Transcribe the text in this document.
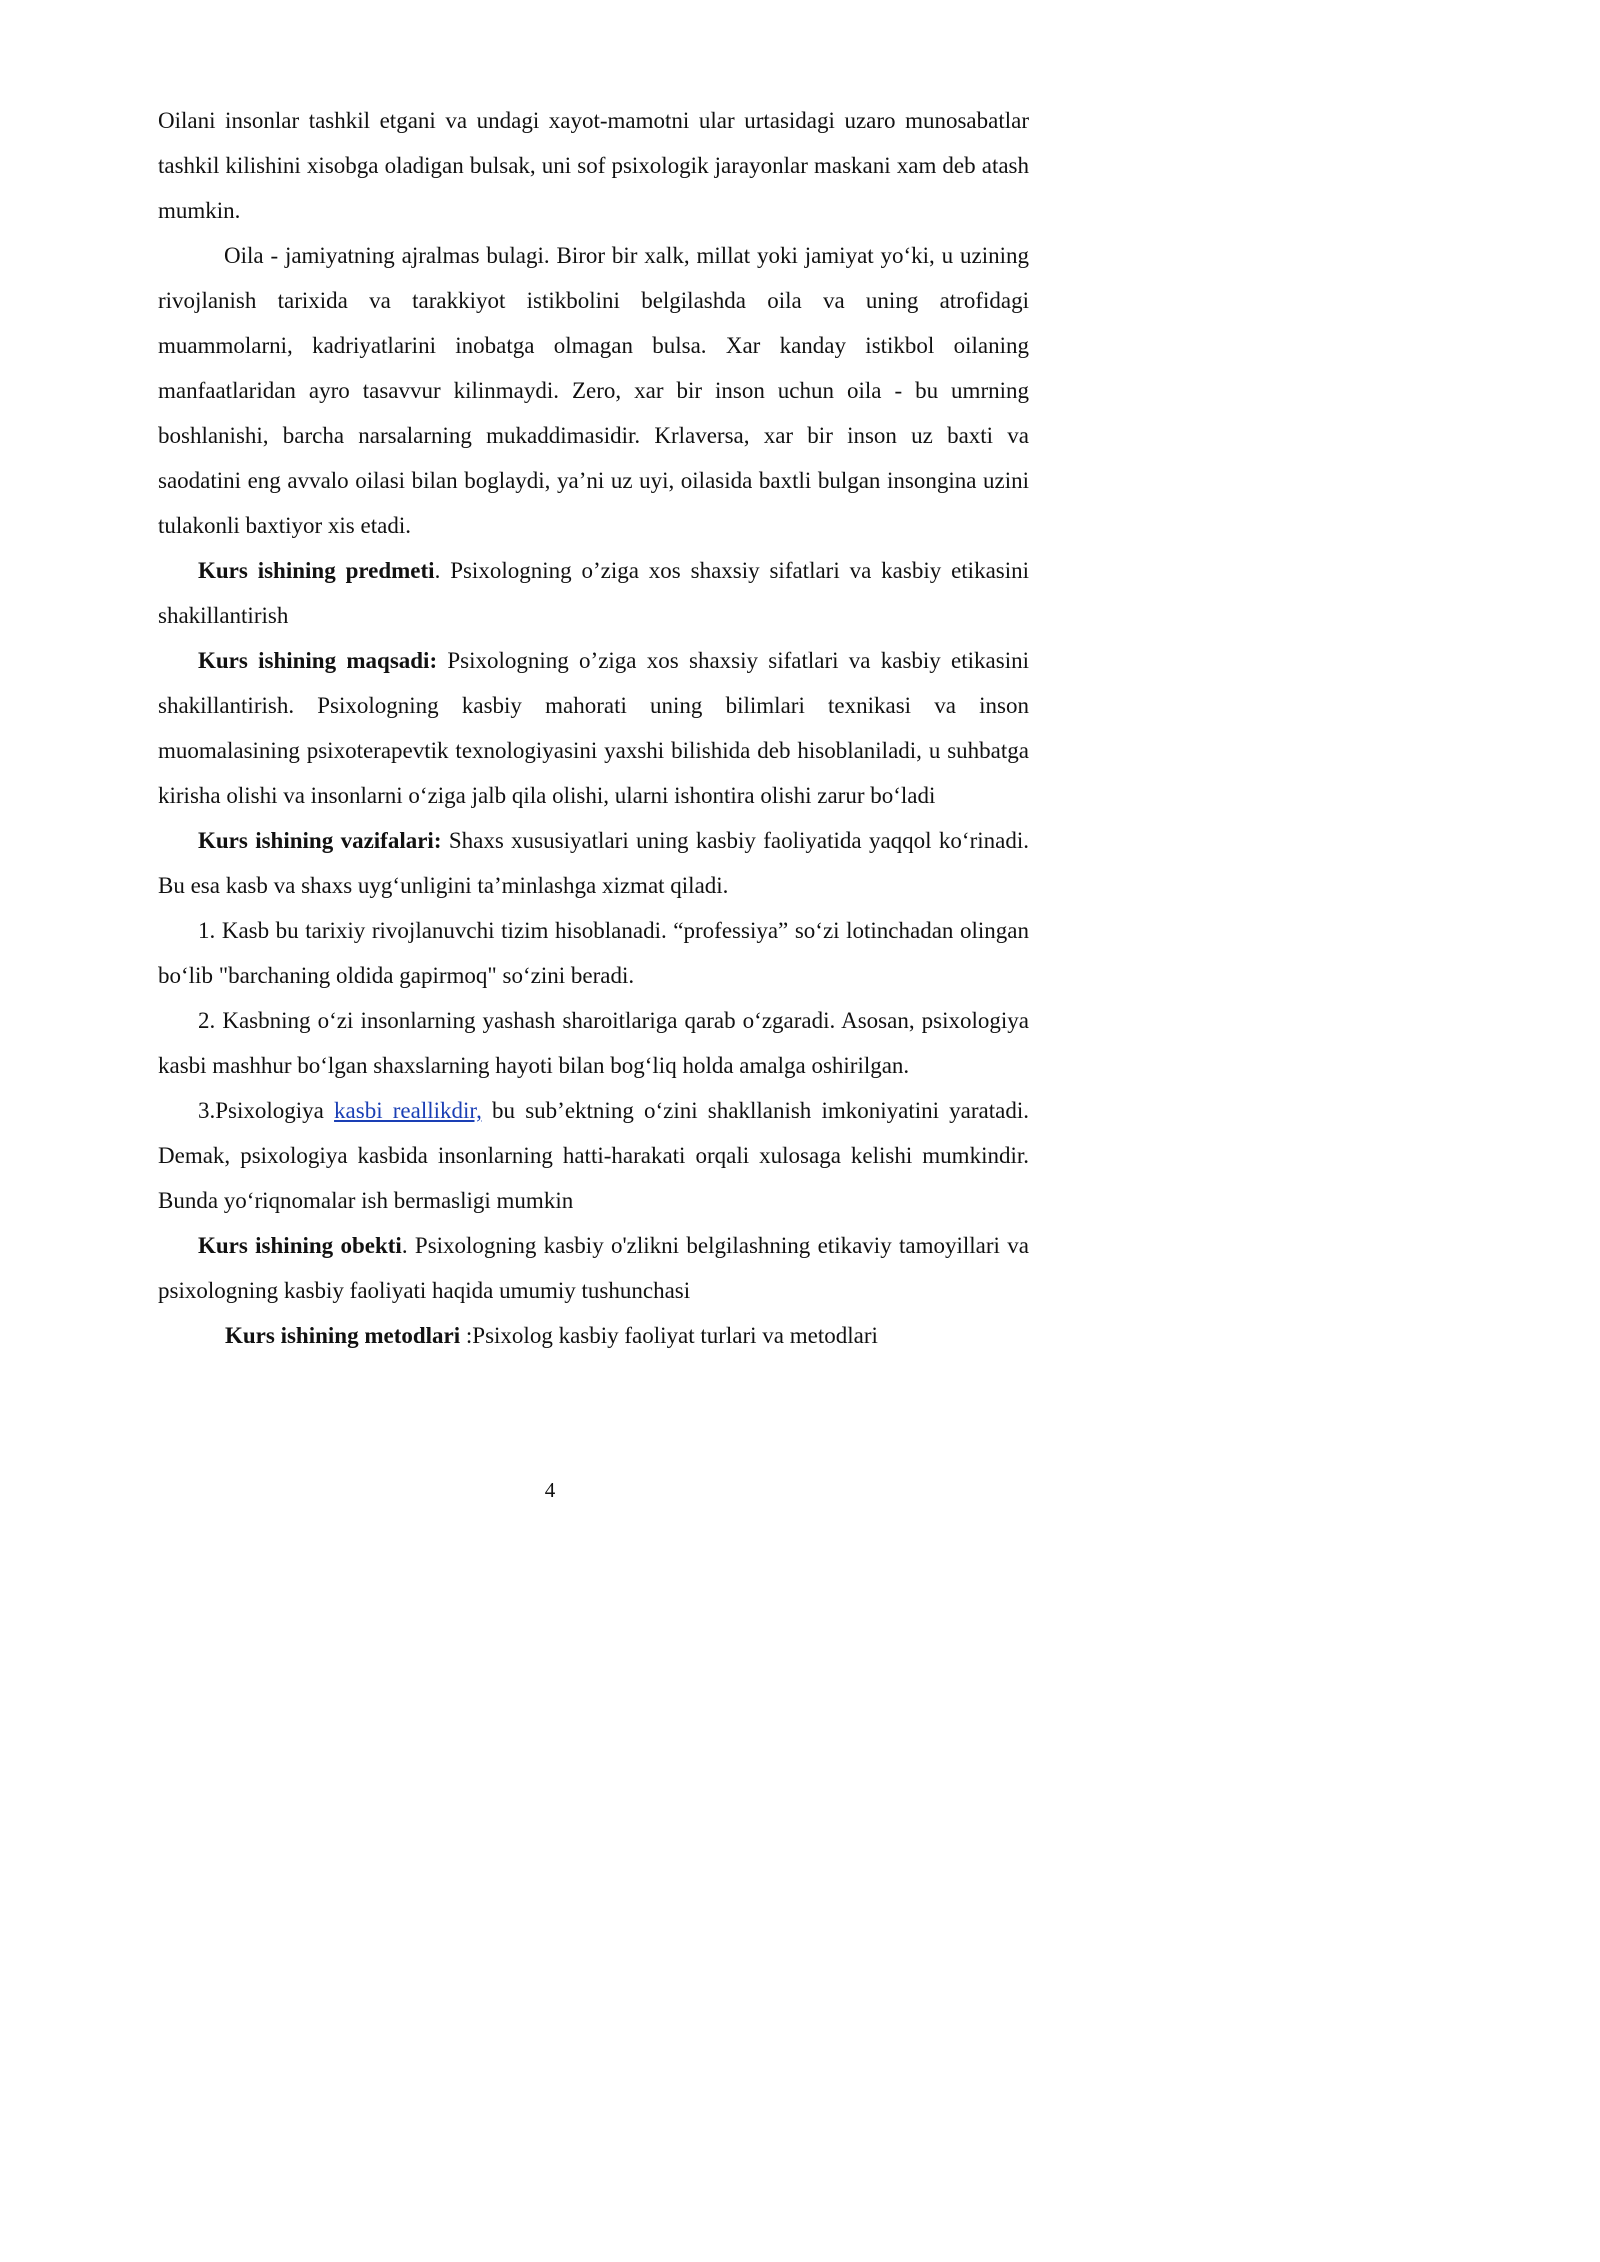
Oilani insonlar tashkil etgani va undagi xayot-mamotni ular urtasidagi uzaro munosabatlar tashkil kilishini xisobga oladigan bulsak, uni sof psixologik jarayonlar maskani xam deb atash mumkin.

Oila - jamiyatning ajralmas bulagi. Biror bir xalk, millat yoki jamiyat yo‘ki, u uzining rivojlanish tarixida va tarakkiyot istikbolini belgilashda oila va uning atrofidagi muammolarni, kadriyatlarini inobatga olmagan bulsa. Xar kanday istikbol oilaning manfaatlaridan ayro tasavvur kilinmaydi. Zero, xar bir inson uchun oila - bu umrning boshlanishi, barcha narsalarning mukaddimasidir. Krlaversa, xar bir inson uz baxti va saodatini eng avvalo oilasi bilan boglaydi, ya’ni uz uyi, oilasida baxtli bulgan insongina uzini tulakonli baxtiyor xis etadi.

Kurs ishining predmeti. Psixologning o’ziga xos shaxsiy sifatlari va kasbiy etikasini shakillantirish

Kurs ishining maqsadi: Psixologning o’ziga xos shaxsiy sifatlari va kasbiy etikasini shakillantirish. Psixologning kasbiy mahorati uning bilimlari texnikasi va inson muomalasining psixoterapevtik texnologiyasini yaxshi bilishida deb hisoblaniladi, u suhbatga kirisha olishi va insonlarni o‘ziga jalb qila olishi, ularni ishontira olishi zarur bo‘ladi

Kurs ishining vazifalari: Shaxs xususiyatlari uning kasbiy faoliyatida yaqqol ko‘rinadi. Bu esa kasb va shaxs uyg‘unligini ta’minlashga xizmat qiladi.

1. Kasb bu tarixiy rivojlanuvchi tizim hisoblanadi. “professiya” so‘zi lotinchadan olingan bo‘lib "barchaning oldida gapirmoq" so‘zini beradi.

2. Kasbning o‘zi insonlarning yashash sharoitlariga qarab o‘zgaradi. Asosan, psixologiya kasbi mashhur bo‘lgan shaxslarning hayoti bilan bog‘liq holda amalga oshirilgan.

3.Psixologiya kasbi reallikdir, bu sub’ektning o‘zini shakllanish imkoniyatini yaratadi. Demak, psixologiya kasbida insonlarning hatti-harakati orqali xulosaga kelishi mumkindir. Bunda yo‘riqnomalar ish bermasligi mumkin

Kurs ishining obekti. Psixologning kasbiy o'zlikni belgilashning etikaviy tamoyillari va psixologning kasbiy faoliyati haqida umumiy tushunchasi

Kurs ishining metodlari :Psixolog kasbiy faoliyat turlari va metodlari

4
